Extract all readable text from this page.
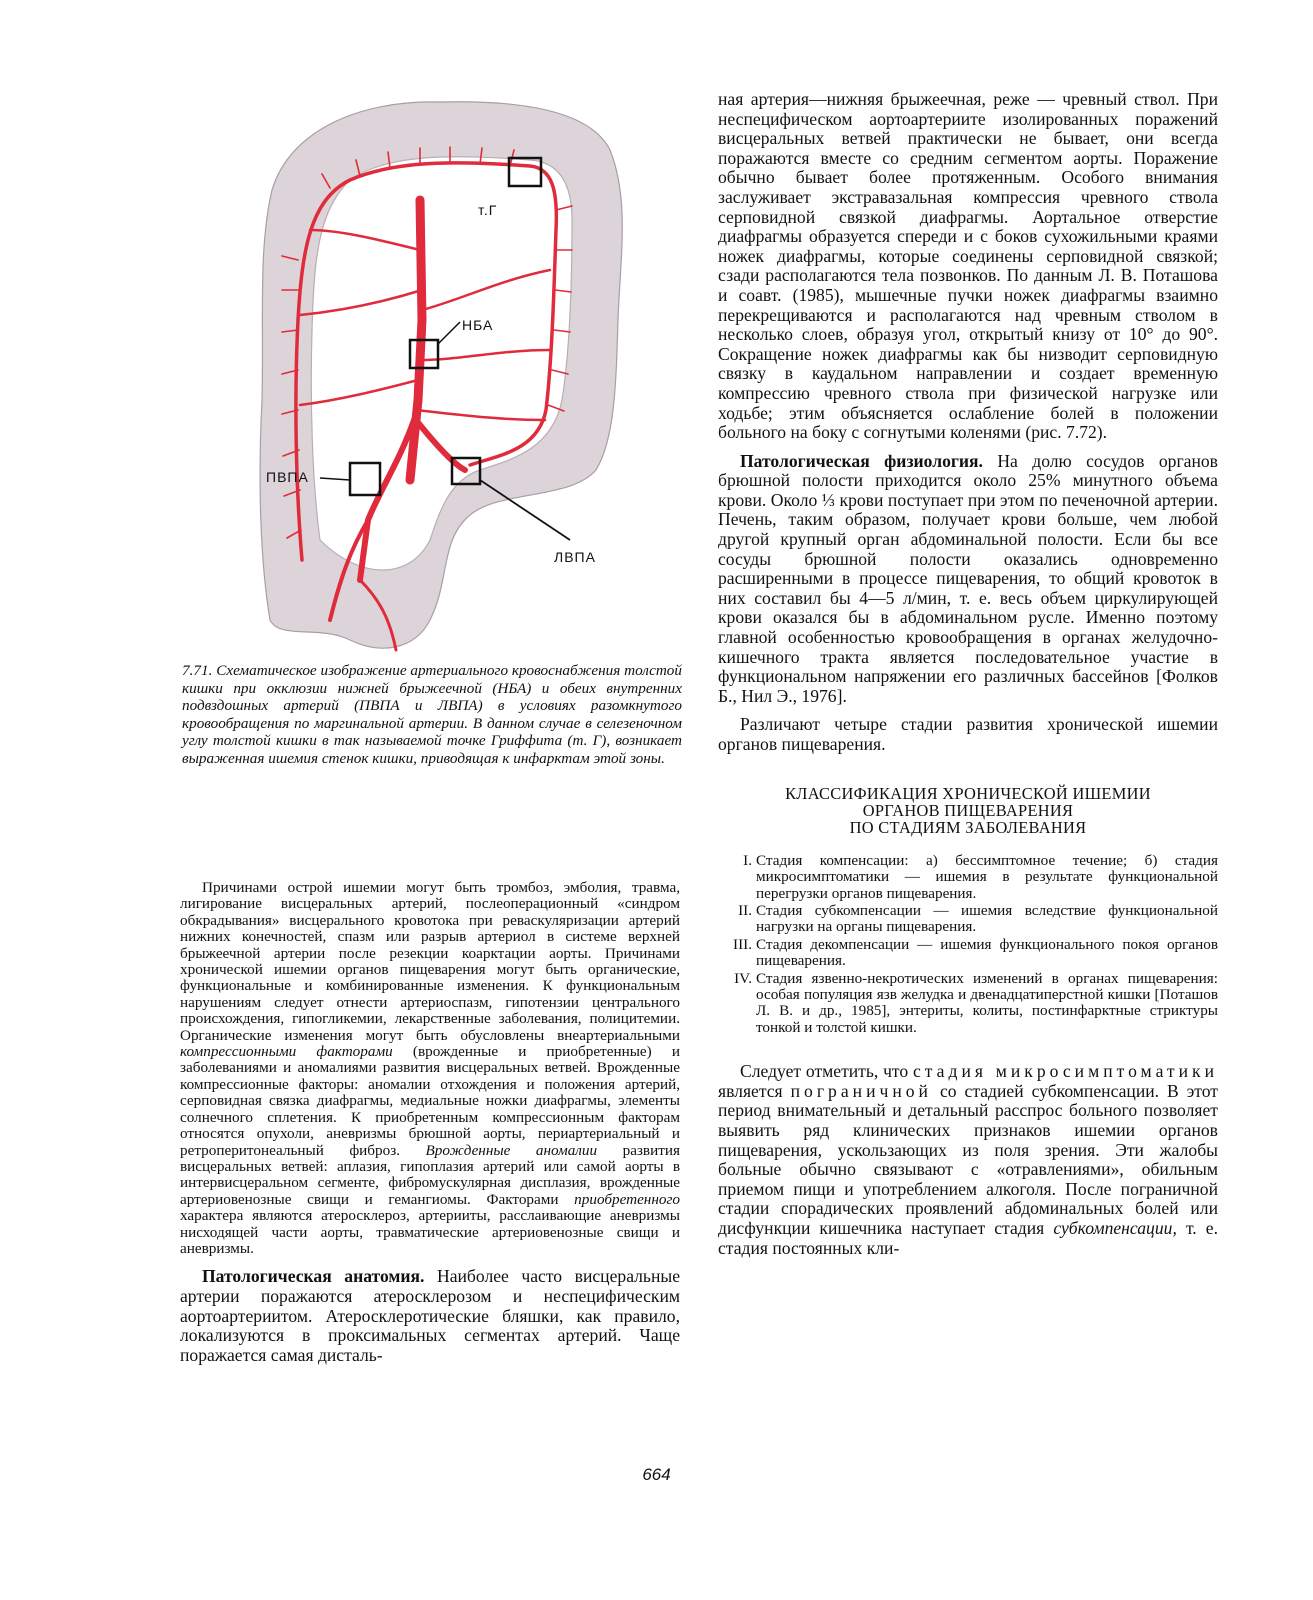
т.Г
НБА
ПВПА
ЛВПА
7.71. Схематическое изображение артериального кровоснабжения толстой кишки при окклюзии нижней брыжеечной (НБА) и обеих внутренних подвздошных артерий (ПВПА и ЛВПА) в условиях разомкнутого кровообращения по маргинальной артерии. В данном случае в селезеночном углу толстой кишки в так называемой точке Гриффита (т. Г), возникает выраженная ишемия стенок кишки, приводящая к инфарктам этой зоны.

Причинами острой ишемии могут быть тромбоз, эмболия, травма, лигирование висцеральных артерий, послеоперационный «синдром обкрадывания» висцерального кровотока при реваскуляризации артерий нижних конечностей, спазм или разрыв артериол в системе верхней брыжеечной артерии после резекции коарктации аорты. Причинами хронической ишемии органов пищеварения могут быть органические, функциональные и комбинированные изменения. К функциональным нарушениям следует отнести артериоспазм, гипотензии центрального происхождения, гипогликемии, лекарственные заболевания, полицитемии. Органические изменения могут быть обусловлены внеартериальными компрессионными факторами (врожденные и приобретенные) и заболеваниями и аномалиями развития висцеральных ветвей. Врожденные компрессионные факторы: аномалии отхождения и положения артерий, серповидная связка диафрагмы, медиальные ножки диафрагмы, элементы солнечного сплетения. К приобретенным компрессионным факторам относятся опухоли, аневризмы брюшной аорты, периартериальный и ретроперитонеальный фиброз. Врожденные аномалии развития висцеральных ветвей: аплазия, гипоплазия артерий или самой аорты в интервисцеральном сегменте, фибромускулярная дисплазия, врожденные артериовенозные свищи и гемангиомы. Факторами приобретенного характера являются атеросклероз, артерииты, расслаивающие аневризмы нисходящей части аорты, травматические артериовенозные свищи и аневризмы.

Патологическая анатомия. Наиболее часто висцеральные артерии поражаются атеросклерозом и неспецифическим аортоартериитом. Атеросклеротические бляшки, как правило, локализуются в проксимальных сегментах артерий. Чаще поражается самая дисталь-

ная артерия—нижняя брыжеечная, реже — чревный ствол. При неспецифическом аортоартериите изолированных поражений висцеральных ветвей практически не бывает, они всегда поражаются вместе со средним сегментом аорты. Поражение обычно бывает более протяженным. Особого внимания заслуживает экстравазальная компрессия чревного ствола серповидной связкой диафрагмы. Аортальное отверстие диафрагмы образуется спереди и с боков сухожильными краями ножек диафрагмы, которые соединены серповидной связкой; сзади располагаются тела позвонков. По данным Л. В. Поташова и соавт. (1985), мышечные пучки ножек диафрагмы взаимно перекрещиваются и располагаются над чревным стволом в несколько слоев, образуя угол, открытый книзу от 10° до 90°. Сокращение ножек диафрагмы как бы низводит серповидную связку в каудальном направлении и создает временную компрессию чревного ствола при физической нагрузке или ходьбе; этим объясняется ослабление болей в положении больного на боку с согнутыми коленями (рис. 7.72).

Патологическая физиология. На долю сосудов органов брюшной полости приходится около 25% минутного объема крови. Около ⅓ крови поступает при этом по печеночной артерии. Печень, таким образом, получает крови больше, чем любой другой крупный орган абдоминальной полости. Если бы все сосуды брюшной полости оказались одновременно расширенными в процессе пищеварения, то общий кровоток в них составил бы 4—5 л/мин, т. е. весь объем циркулирующей крови оказался бы в абдоминальном русле. Именно поэтому главной особенностью кровообращения в органах желудочно-кишечного тракта является последовательное участие в функциональном напряжении его различных бассейнов [Фолков Б., Нил Э., 1976].

Различают четыре стадии развития хронической ишемии органов пищеварения.

КЛАССИФИКАЦИЯ ХРОНИЧЕСКОЙ ИШЕМИИ
ОРГАНОВ ПИЩЕВАРЕНИЯ
ПО СТАДИЯМ ЗАБОЛЕВАНИЯ
I. Стадия компенсации: а) бессимптомное течение; б) стадия микросимптоматики — ишемия в результате функциональной перегрузки органов пищеварения.
II. Стадия субкомпенсации — ишемия вследствие функциональной нагрузки на органы пищеварения.
III. Стадия декомпенсации — ишемия функционального покоя органов пищеварения.
IV. Стадия язвенно-некротических изменений в органах пищеварения: особая популяция язв желудка и двенадцатиперстной кишки [Поташов Л. В. и др., 1985], энтериты, колиты, постинфарктные стриктуры тонкой и толстой кишки.

Следует отметить, что стадия микросимптоматики является пограничной со стадией субкомпенсации. В этот период внимательный и детальный расспрос больного позволяет выявить ряд клинических признаков ишемии органов пищеварения, ускользающих из поля зрения. Эти жалобы больные обычно связывают с «отравлениями», обильным приемом пищи и употреблением алкоголя. После пограничной стадии спорадических проявлений абдоминальных болей или дисфункции кишечника наступает стадия субкомпенсации, т. е. стадия постоянных кли-

664
